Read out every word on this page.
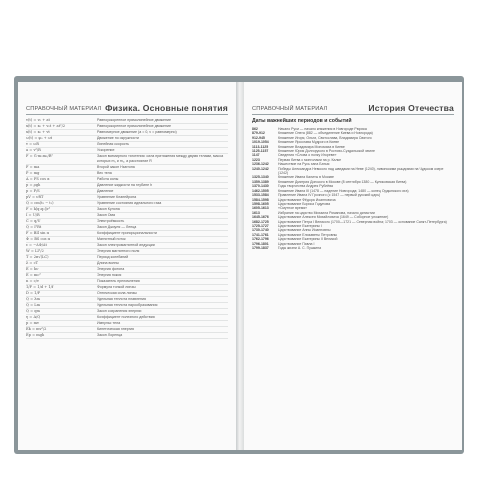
СПРАВОЧНЫЙ МАТЕРИАЛ Физика. Основные понятия
v(t) = v₀ + at	Равноускоренное прямолинейное движение
x(t) = x₀ + v₀t + at²/2	Равноускоренное прямолинейное движение
x(t) = x₀ + vt	Равномерное движение (a = 0, v = равномерно)
ω(t) = φ₀ + ωt	Движение по окружности
v = ωR	Линейная скорость
a = v²/R	Ускорение
F = G·m₁m₂/R²	Закон всемирного тяготения: сила притяжения между двумя телами, масса которых m₁ и m₂, а расстояние R
F = ma	Второй закон Ньютона
P = mg	Вес тела
A = FS cos α	Работа силы
p = ρgh	Давление жидкости на глубине h
p = F/S	Давление
pV = νRT	Уравнение Клапейрона
Q = cm(t₂ − t₁)	Уравнение состояния идеального газа
F = k|q₁q₂|/r²	Закон Кулона
I = U/R	Закон Ома
C = q/U	Электроёмкость
Q = I²Rt	Закон Джоуля — Ленца
F = BIl sin α	Коэффициент пропорциональности
Φ = BS cos α	Магнитный поток
ε = −ΔΦ/Δt	Закон электромагнитной индукции
W = LI²/2	Энергия магнитного поля
T = 2π√(LC)	Период колебаний
λ = cT	Длина волны
E = hν	Энергия фотона
E = mc²	Энергия покоя
n = c/v	Показатель преломления
1/F = 1/d + 1/f	Формула тонкой линзы
D = 1/F	Оптическая сила линзы
Q = λm	Удельная теплота плавления
Q = Lm	Удельная теплота парообразования
Q = qm	Закон сохранения энергии
η = A/Q	Коэффициент полезного действия
p = mv	Импульс тела
Ek = mv²/2	Кинетическая энергия
Ep = mgh	Закон Лоренца
СПРАВОЧНЫЙ МАТЕРИАЛ	История Отечества
Даты важнейших периодов и событий
862	Начало Руси — начало княжения в Новгороде Рюрика
879-912	Княжение Олега (882 — объединение Киева и Новгорода)
912-945	Княжение Игоря, Ольги, Святослава, Владимира Святого
1019-1054	Княжение Ярослава Мудрого в Киеве
1113-1125	Княжение Владимира Мономаха в Киеве
1125-1157	Княжение Юрия Долгорукого в Ростово-Суздальской земле
1147	Сведения «Слова о полку Игореве»
1223	Первая битва с монголами на р. Калке
1236-1242	Нашествие на Русь хана Батыя
1240-1242	Победы Александра Невского над шведами на Неве (1240), ливонскими рыцарями на Чудском озере (1242)
1325-1340	Княжение Ивана Калиты в Москве
1359-1389	Княжение Дмитрия Донского в Москве (8 сентября 1380 — Куликовская битва)
1370-1430	Годы творчества Андрея Рублёва
1462-1505	Княжение Ивана III (1478 — падение Новгорода; 1480 — конец Ордынского ига)
1533-1584	Правление Ивана IV Грозного (с 1547 — первый русский царь)
1584-1598	Царствование Фёдора Иоанновича
1598-1605	Царствование Бориса Годунова
1605-1613	«Смутное время»
1613	Избрание на царство Михаила Романова, начало династии
1645-1676	Царствование Алексея Михайловича (1649 — Соборное уложение)
1682-1725	Царствование Петра I Великого (1700—1721 — Северная война; 1703 — основание Санкт-Петербурга)
1725-1727	Царствование Екатерины I
1730-1740	Царствование Анны Иоанновны
1741-1761	Царствование Елизаветы Петровны
1762-1796	Царствование Екатерины II Великой
1796-1801	Царствование Павла I
1799-1837	Годы жизни А. С. Пушкина
